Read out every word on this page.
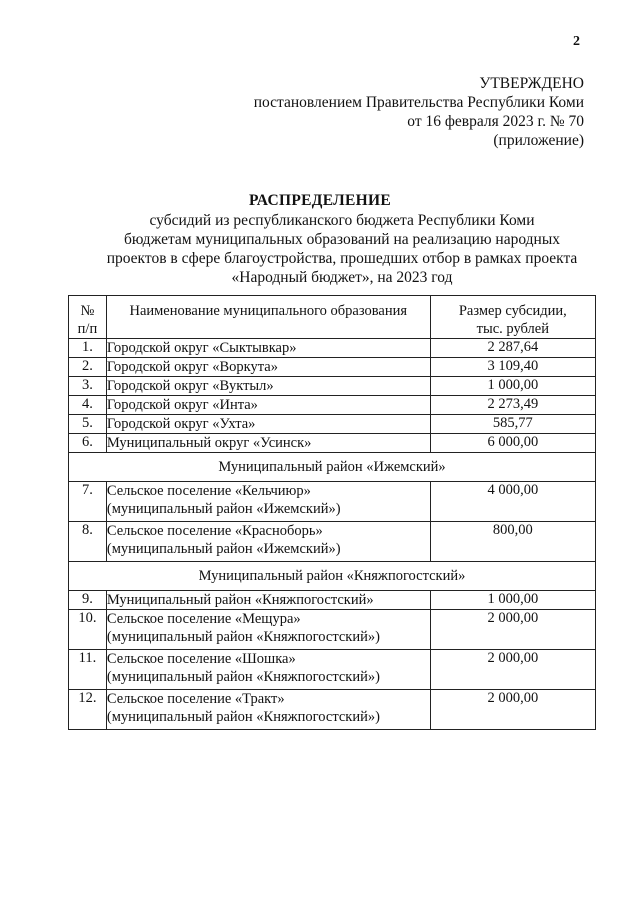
2
УТВЕРЖДЕНО
постановлением Правительства Республики Коми
от 16 февраля 2023 г. № 70
(приложение)
РАСПРЕДЕЛЕНИЕ
субсидий из республиканского бюджета Республики Коми
бюджетам муниципальных образований на реализацию народных
проектов в сфере благоустройства, прошедших отбор в рамках проекта
«Народный бюджет», на 2023 год
№
п/п	Наименование муниципального образования	Размер субсидии,
тыс. рублей

1.	Городской округ «Сыктывкар»	2 287,64
2.	Городской округ «Воркута»	3 109,40
3.	Городской округ «Вуктыл»	1 000,00
4.	Городской округ «Инта»	2 273,49
5.	Городской округ «Ухта»	585,77
6.	Муниципальный округ «Усинск»	6 000,00
Муниципальный район «Ижемский»		
7.	Сельское поселение «Кельчиюр»
(муниципальный район «Ижемский»)	4 000,00
8.	Сельское поселение «Красноборь»
(муниципальный район «Ижемский»)	800,00
Муниципальный район «Княжпогостский»		
9.	Муниципальный район «Княжпогостский»	1 000,00
10.	Сельское поселение «Мещура»
(муниципальный район «Княжпогостский»)	2 000,00
11.	Сельское поселение «Шошка»
(муниципальный район «Княжпогостский»)	2 000,00
12.	Сельское поселение «Тракт»
(муниципальный район «Княжпогостский»)	2 000,00
